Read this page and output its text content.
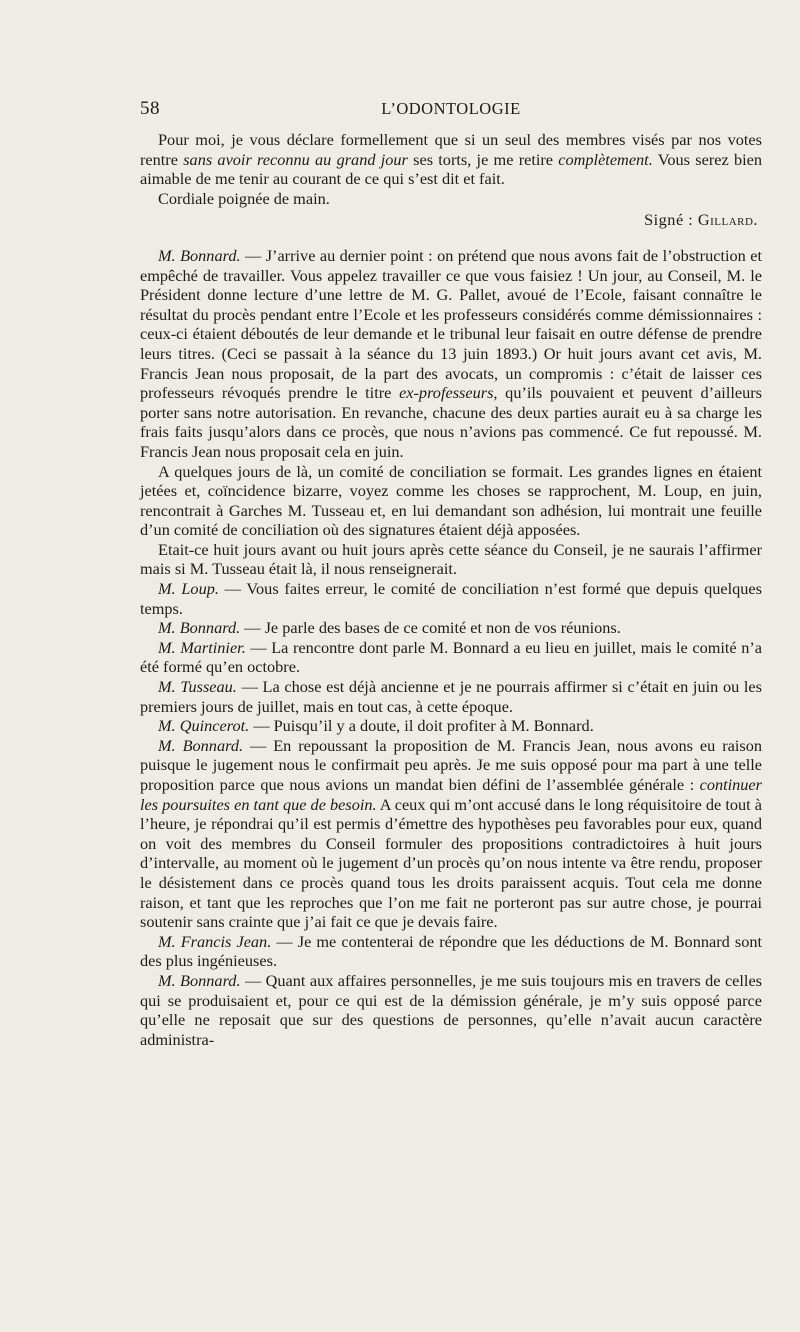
58	L’ODONTOLOGIE

Pour moi, je vous déclare formellement que si un seul des membres visés par nos votes rentre sans avoir reconnu au grand jour ses torts, je me retire complètement. Vous serez bien aimable de me tenir au courant de ce qui s’est dit et fait.

Cordiale poignée de main.

Signé : Gillard.

M. Bonnard. — J’arrive au dernier point : on prétend que nous avons fait de l’obstruction et empêché de travailler. Vous appelez travailler ce que vous faisiez ! Un jour, au Conseil, M. le Président donne lecture d’une lettre de M. G. Pallet, avoué de l’Ecole, faisant connaître le résultat du procès pendant entre l’Ecole et les professeurs considérés comme démissionnaires : ceux-ci étaient déboutés de leur demande et le tribunal leur faisait en outre défense de prendre leurs titres. (Ceci se passait à la séance du 13 juin 1893.) Or huit jours avant cet avis, M. Francis Jean nous proposait, de la part des avocats, un compromis : c’était de laisser ces professeurs révoqués prendre le titre ex-professeurs, qu’ils pouvaient et peuvent d’ailleurs porter sans notre autorisation. En revanche, chacune des deux parties aurait eu à sa charge les frais faits jusqu’alors dans ce procès, que nous n’avions pas commencé. Ce fut repoussé. M. Francis Jean nous proposait cela en juin.

A quelques jours de là, un comité de conciliation se formait. Les grandes lignes en étaient jetées et, coïncidence bizarre, voyez comme les choses se rapprochent, M. Loup, en juin, rencontrait à Garches M. Tusseau et, en lui demandant son adhésion, lui montrait une feuille d’un comité de conciliation où des signatures étaient déjà apposées.

Etait-ce huit jours avant ou huit jours après cette séance du Conseil, je ne saurais l’affirmer mais si M. Tusseau était là, il nous renseignerait.

M. Loup. — Vous faites erreur, le comité de conciliation n’est formé que depuis quelques temps.

M. Bonnard. — Je parle des bases de ce comité et non de vos réunions.

M. Martinier. — La rencontre dont parle M. Bonnard a eu lieu en juillet, mais le comité n’a été formé qu’en octobre.

M. Tusseau. — La chose est déjà ancienne et je ne pourrais affirmer si c’était en juin ou les premiers jours de juillet, mais en tout cas, à cette époque.

M. Quincerot. — Puisqu’il y a doute, il doit profiter à M. Bonnard.

M. Bonnard. — En repoussant la proposition de M. Francis Jean, nous avons eu raison puisque le jugement nous le confirmait peu après. Je me suis opposé pour ma part à une telle proposition parce que nous avions un mandat bien défini de l’assemblée générale : continuer les poursuites en tant que de besoin. A ceux qui m’ont accusé dans le long réquisitoire de tout à l’heure, je répondrai qu’il est permis d’émettre des hypothèses peu favorables pour eux, quand on voit des membres du Conseil formuler des propositions contradictoires à huit jours d’intervalle, au moment où le jugement d’un procès qu’on nous intente va être rendu, proposer le désistement dans ce procès quand tous les droits paraissent acquis. Tout cela me donne raison, et tant que les reproches que l’on me fait ne porteront pas sur autre chose, je pourrai soutenir sans crainte que j’ai fait ce que je devais faire.

M. Francis Jean. — Je me contenterai de répondre que les déductions de M. Bonnard sont des plus ingénieuses.

M. Bonnard. — Quant aux affaires personnelles, je me suis toujours mis en travers de celles qui se produisaient et, pour ce qui est de la démission générale, je m’y suis opposé parce qu’elle ne reposait que sur des questions de personnes, qu’elle n’avait aucun caractère administra-
